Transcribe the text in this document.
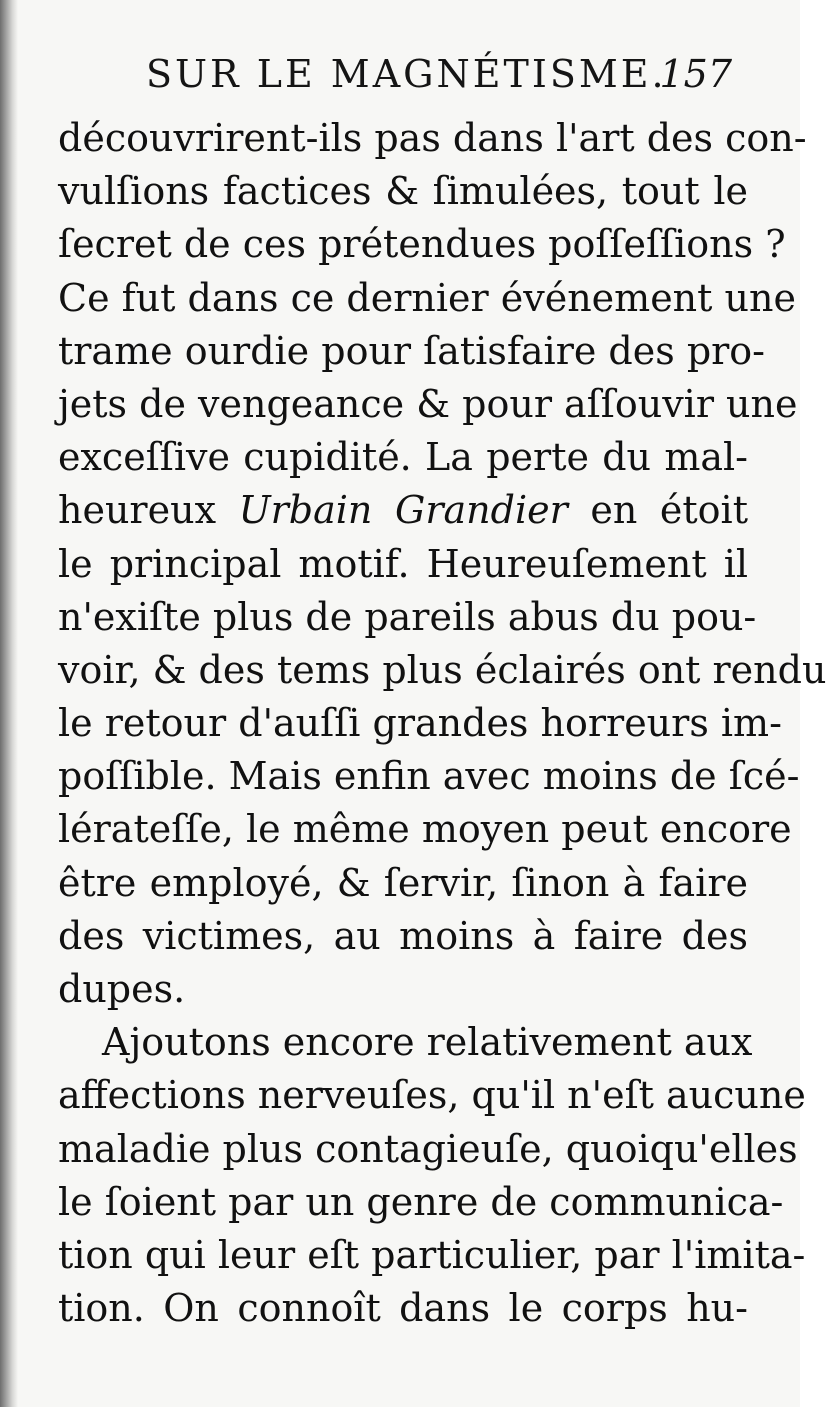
SUR LE MAGNÉTISME.
157
découvrirent-ils pas dans l'art des con-
vulſions factices & ſimulées, tout le
ſecret de ces prétendues poſſeſſions ?
Ce fut dans ce dernier événement une
trame ourdie pour ſatisfaire des pro-
jets de vengeance & pour aſſouvir une
exceſſive cupidité. La perte du mal-
heureux Urbain Grandier en étoit
le principal motif. Heureuſement il
n'exiſte plus de pareils abus du pou-
voir, & des tems plus éclairés ont rendu
le retour d'auſſi grandes horreurs im-
poſſible. Mais enfin avec moins de ſcé-
lérateſſe, le même moyen peut encore
être employé, & ſervir, ſinon à faire
des victimes, au moins à faire des
dupes.
Ajoutons encore relativement aux
affections nerveuſes, qu'il n'eſt aucune
maladie plus contagieuſe, quoiqu'elles
le ſoient par un genre de communica-
tion qui leur eſt particulier, par l'imita-
tion. On connoît dans le corps hu-
